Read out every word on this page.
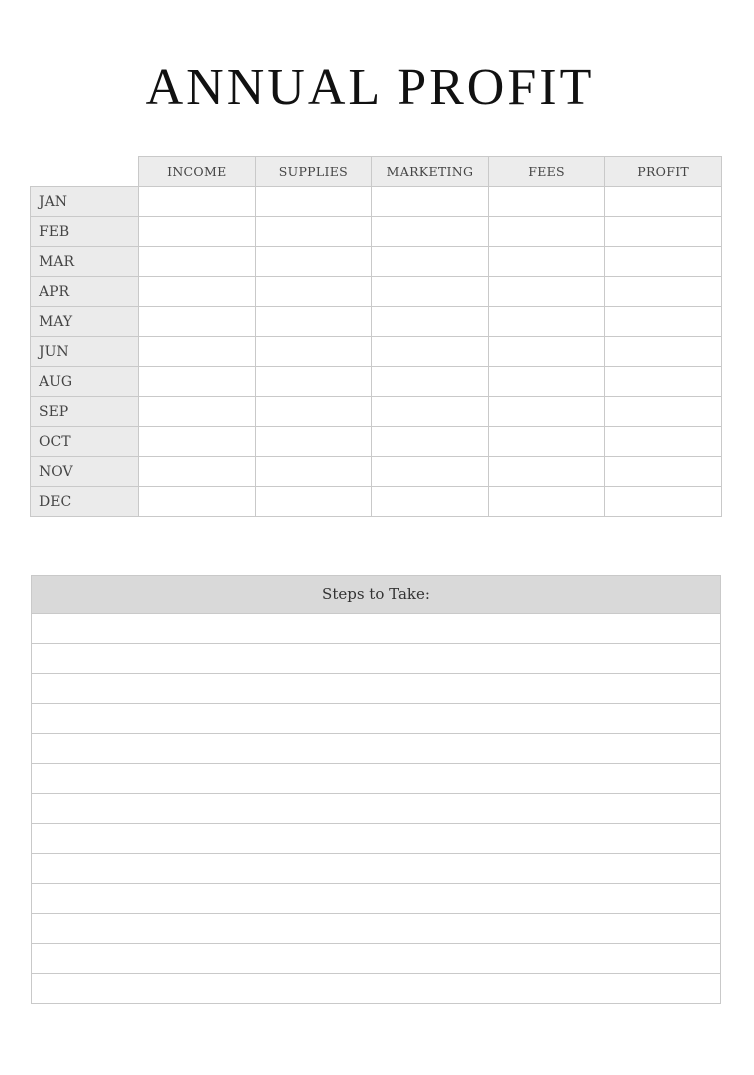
ANNUAL PROFIT
	INCOME	SUPPLIES	MARKETING	FEES	PROFIT
JAN					
FEB					
MAR					
APR					
MAY					
JUN					
AUG					
SEP					
OCT					
NOV					
DEC					
Steps to Take:
